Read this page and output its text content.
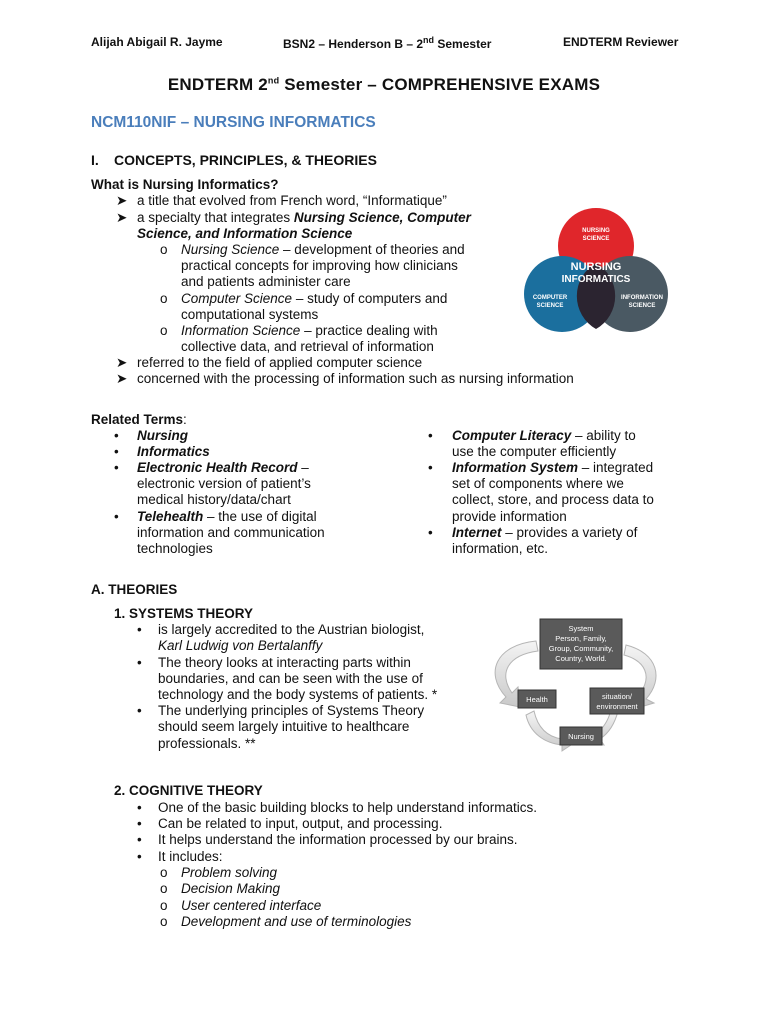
Alijah Abigail R. Jayme	BSN2 – Henderson B – 2nd Semester	ENDTERM Reviewer
ENDTERM 2nd Semester – COMPREHENSIVE EXAMS
NCM110NIF – NURSING INFORMATICS
I. CONCEPTS, PRINCIPLES, & THEORIES
What is Nursing Informatics?
➤ a title that evolved from French word, “Informatique”
➤ a specialty that integrates Nursing Science, Computer
Science, and Information Science
o Nursing Science – development of theories and
practical concepts for improving how clinicians
and patients administer care
o Computer Science – study of computers and
computational systems
o Information Science – practice dealing with
collective data, and retrieval of information
➤ referred to the field of applied computer science
➤ concerned with the processing of information such as nursing information
NURSING
SCIENCE
NURSING
INFORMATICS
COMPUTER
SCIENCE
INFORMATION
SCIENCE
Related Terms:
• Nursing
• Informatics
• Electronic Health Record –
electronic version of patient’s
medical history/data/chart
• Telehealth – the use of digital
information and communication
technologies
• Computer Literacy – ability to
use the computer efficiently
• Information System – integrated
set of components where we
collect, store, and process data to
provide information
• Internet – provides a variety of
information, etc.
A. THEORIES
1. SYSTEMS THEORY
• is largely accredited to the Austrian biologist,
Karl Ludwig von Bertalanffy
• The theory looks at interacting parts within
boundaries, and can be seen with the use of
technology and the body systems of patients. *
• The underlying principles of Systems Theory
should seem largely intuitive to healthcare
professionals. **
System
Person, Family,
Group, Community,
Country, World.
Health	situation/
environment
Nursing
2. COGNITIVE THEORY
• One of the basic building blocks to help understand informatics.
• Can be related to input, output, and processing.
• It helps understand the information processed by our brains.
• It includes:
o Problem solving
o Decision Making
o User centered interface
o Development and use of terminologies
